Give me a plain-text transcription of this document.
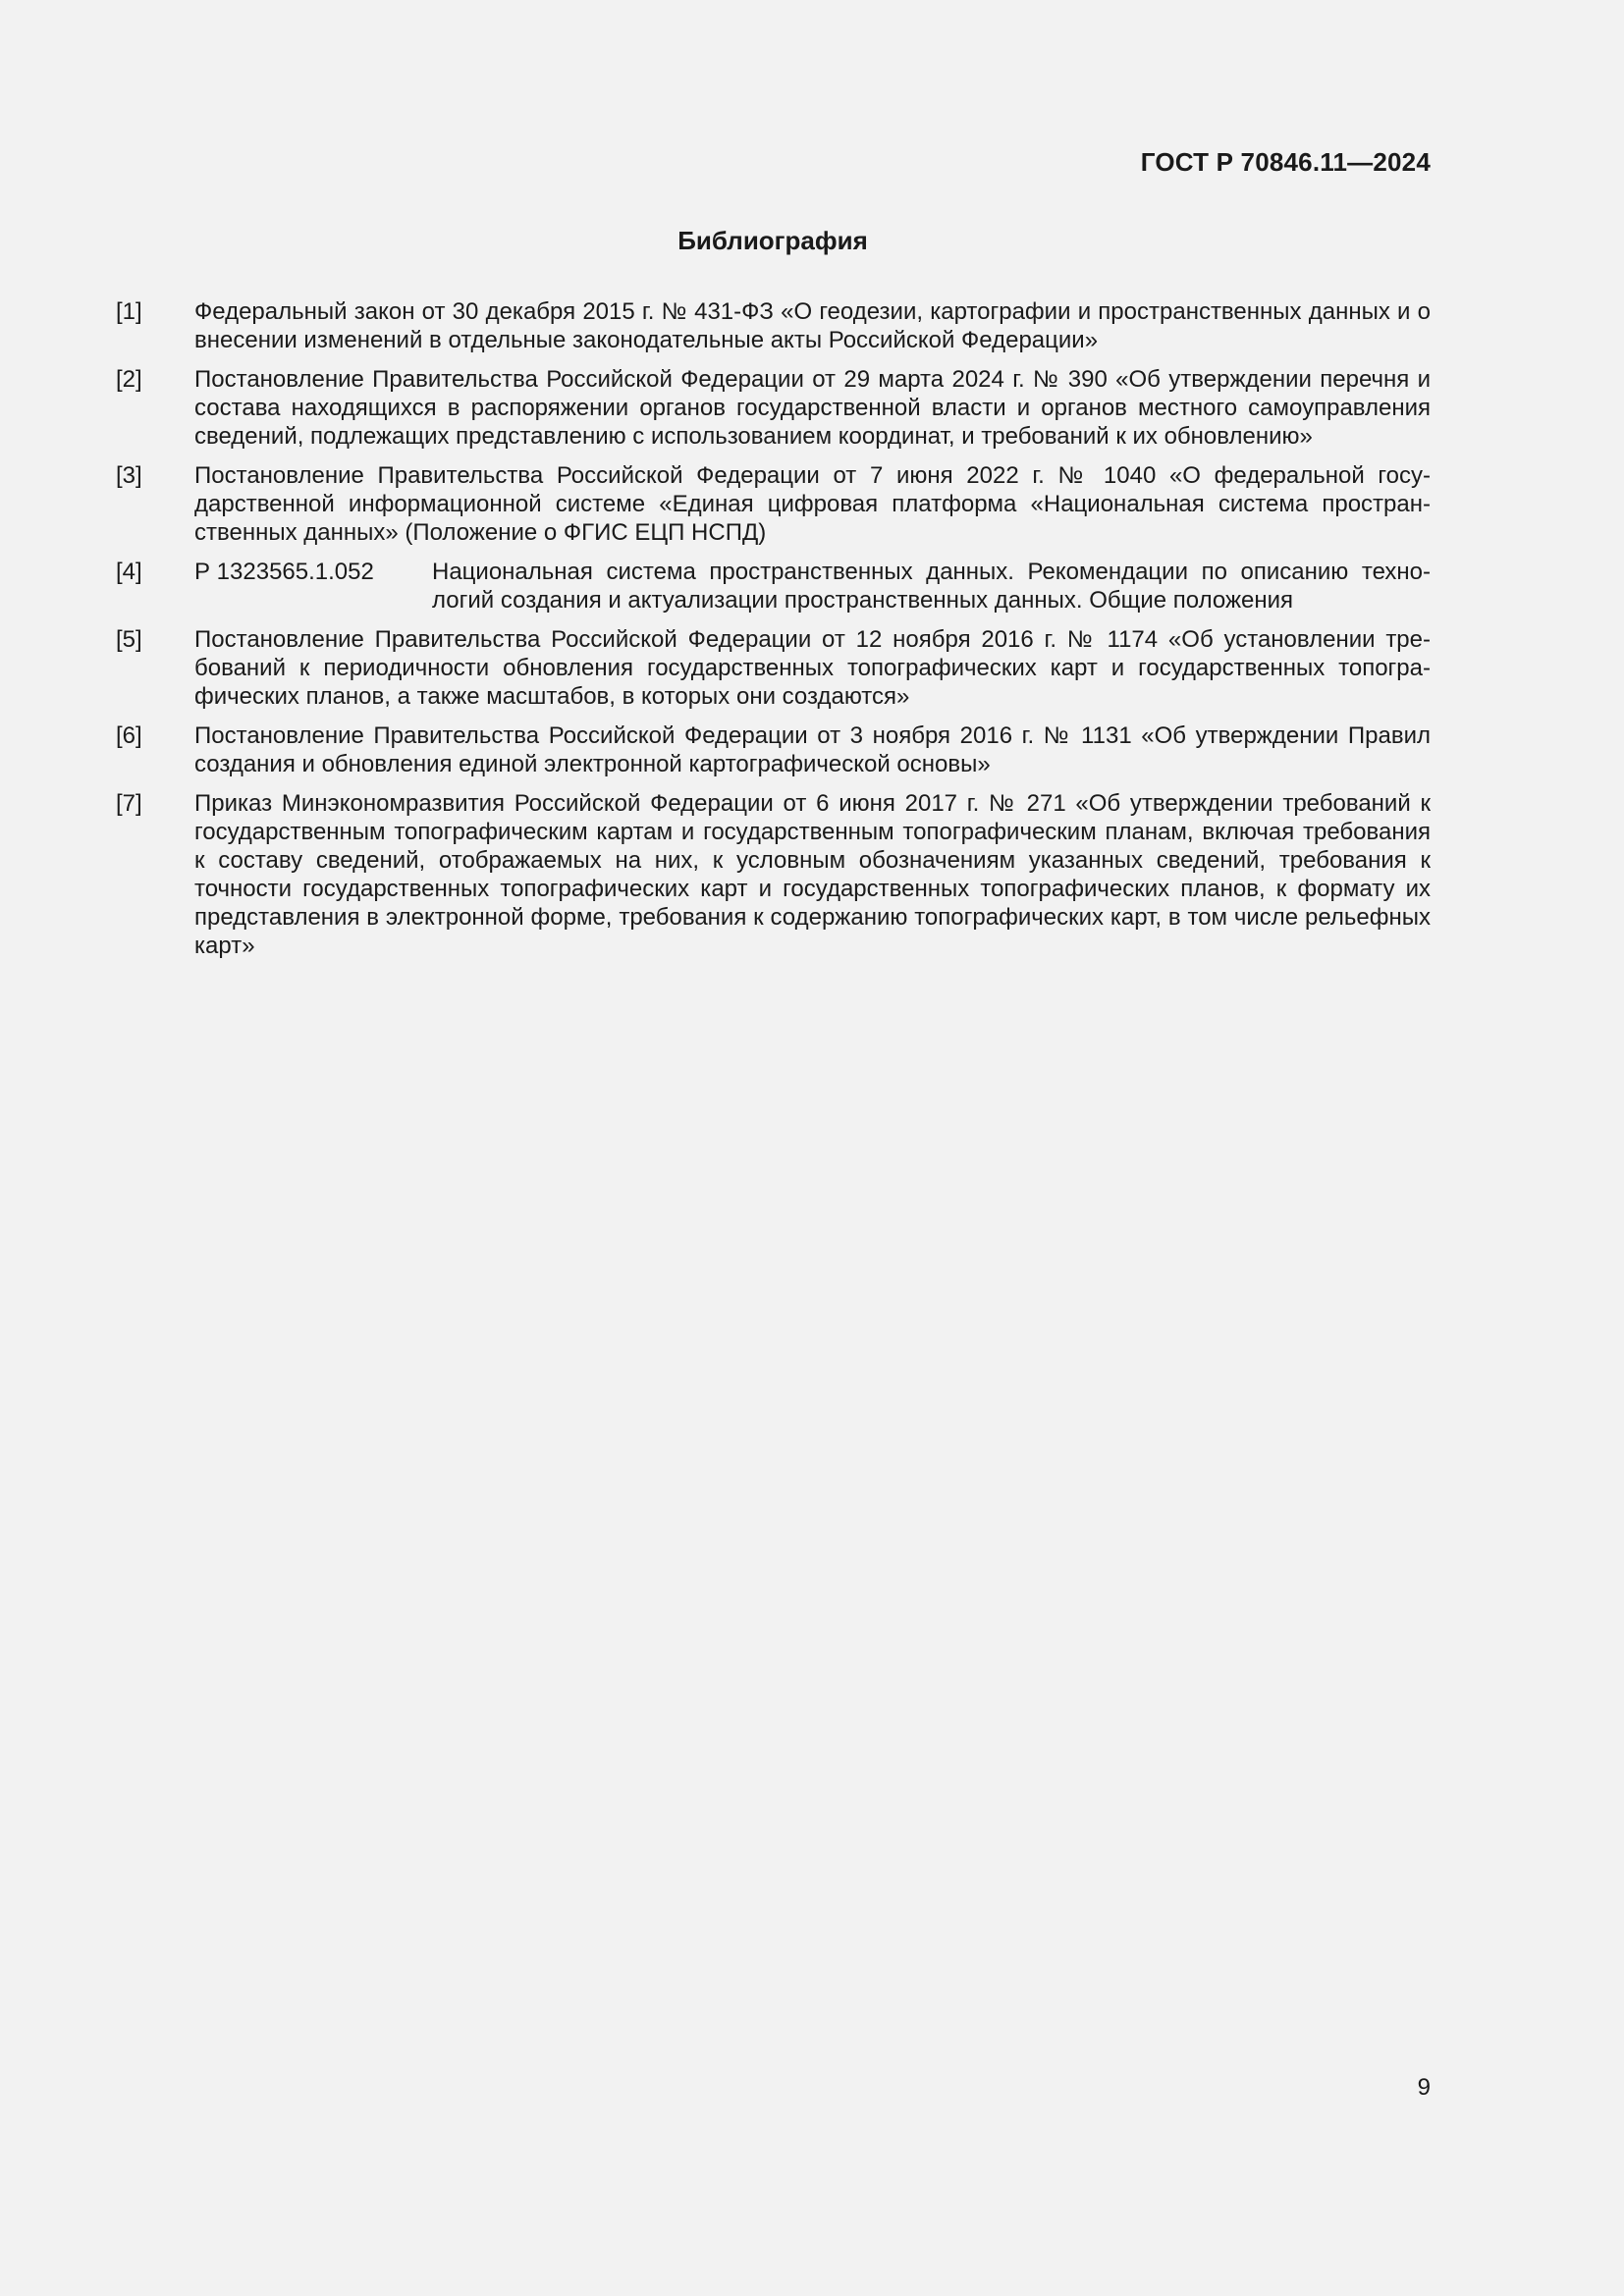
ГОСТ Р 70846.11—2024
Библиография
[1]	Федеральный закон от 30 декабря 2015 г. № 431-ФЗ «О геодезии, картографии и пространственных данных и о внесении изменений в отдельные законодательные акты Российской Федерации»
[2]	Постановление Правительства Российской Федерации от 29 марта 2024 г. № 390 «Об утверждении перечня и состава находящихся в распоряжении органов государственной власти и органов местного самоуправления сведений, подлежащих представлению с использованием координат, и требований к их обновлению»
[3]	Постановление Правительства Российской Федерации от 7 июня 2022 г. № 1040 «О федеральной государственной информационной системе «Единая цифровая платформа «Национальная система пространственных данных» (Положение о ФГИС ЕЦП НСПД)
[4]	Р 1323565.1.052	Национальная система пространственных данных. Рекомендации по описанию технологий создания и актуализации пространственных данных. Общие положения
[5]	Постановление Правительства Российской Федерации от 12 ноября 2016 г. № 1174 «Об установлении требований к периодичности обновления государственных топографических карт и государственных топографических планов, а также масштабов, в которых они создаются»
[6]	Постановление Правительства Российской Федерации от 3 ноября 2016 г. № 1131 «Об утверждении Правил создания и обновления единой электронной картографической основы»
[7]	Приказ Минэкономразвития Российской Федерации от 6 июня 2017 г. № 271 «Об утверждении требований к государственным топографическим картам и государственным топографическим планам, включая требования к составу сведений, отображаемых на них, к условным обозначениям указанных сведений, требования к точности государственных топографических карт и государственных топографических планов, к формату их представления в электронной форме, требования к содержанию топографических карт, в том числе рельефных карт»
9
